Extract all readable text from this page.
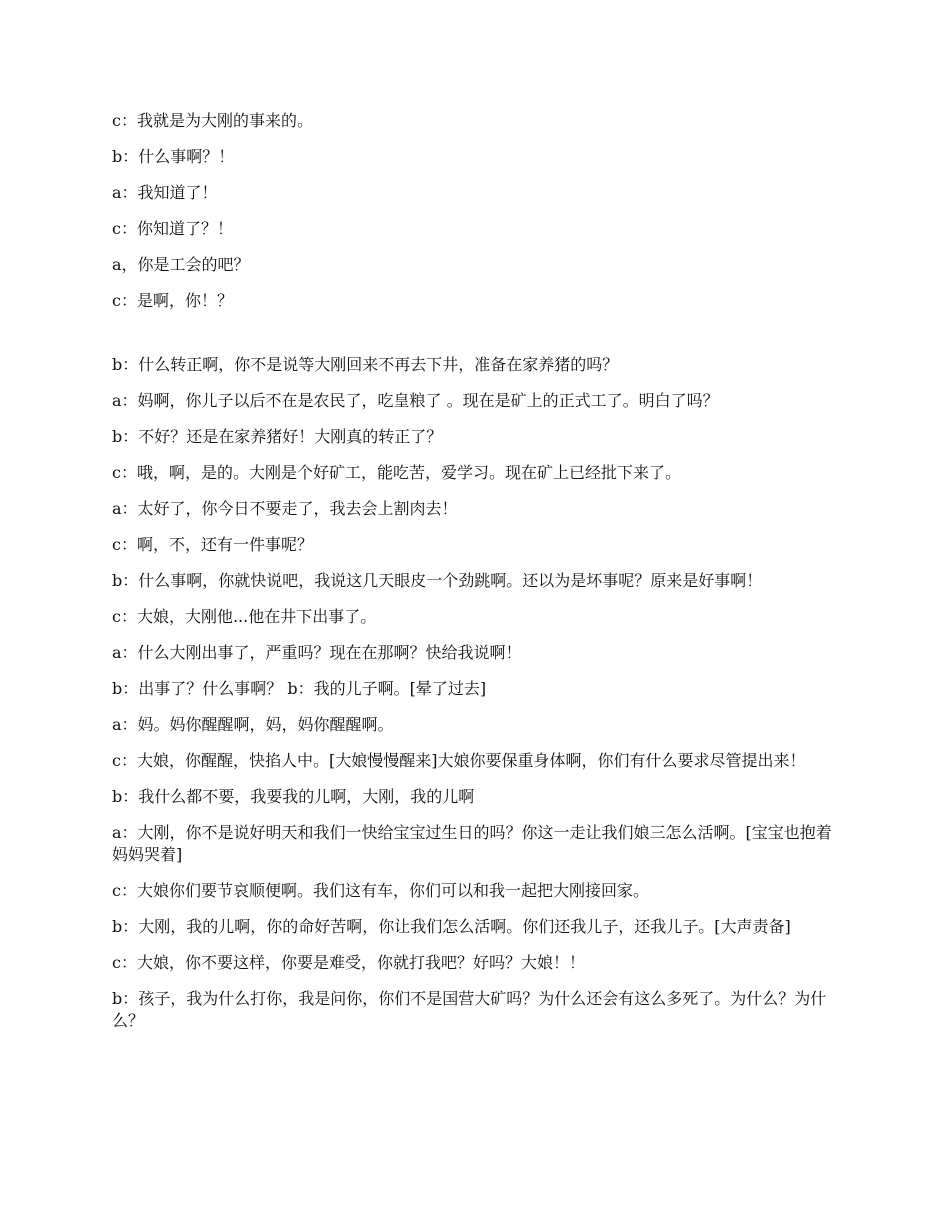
c：我就是为大刚的事来的。

b：什么事啊？！

a：我知道了！

c：你知道了？！

a，你是工会的吧？

c：是啊，你！？

b：什么转正啊，你不是说等大刚回来不再去下井，准备在家养猪的吗？

a：妈啊，你儿子以后不在是农民了，吃皇粮了 。现在是矿上的正式工了。明白了吗？

b：不好？还是在家养猪好！大刚真的转正了？

c：哦，啊，是的。大刚是个好矿工，能吃苦，爱学习。现在矿上已经批下来了。

a：太好了，你今日不要走了，我去会上割肉去！

c：啊，不，还有一件事呢？

b：什么事啊，你就快说吧，我说这几天眼皮一个劲跳啊。还以为是坏事呢？原来是好事啊！

c：大娘，大刚他...他在井下出事了。

a：什么大刚出事了，严重吗？现在在那啊？快给我说啊！

b：出事了？什么事啊？ b：我的儿子啊。[晕了过去]

a：妈。妈你醒醒啊，妈，妈你醒醒啊。

c：大娘，你醒醒，快掐人中。[大娘慢慢醒来]大娘你要保重身体啊，你们有什么要求尽管提出来！

b：我什么都不要，我要我的儿啊，大刚，我的儿啊

a：大刚，你不是说好明天和我们一快给宝宝过生日的吗？你这一走让我们娘三怎么活啊。[宝宝也抱着妈妈哭着]

c：大娘你们要节哀顺便啊。我们这有车，你们可以和我一起把大刚接回家。

b：大刚，我的儿啊，你的命好苦啊，你让我们怎么活啊。你们还我儿子，还我儿子。[大声责备]

c：大娘，你不要这样，你要是难受，你就打我吧？好吗？大娘！！

b：孩子，我为什么打你，我是问你，你们不是国营大矿吗？为什么还会有这么多死了。为什么？为什么？
